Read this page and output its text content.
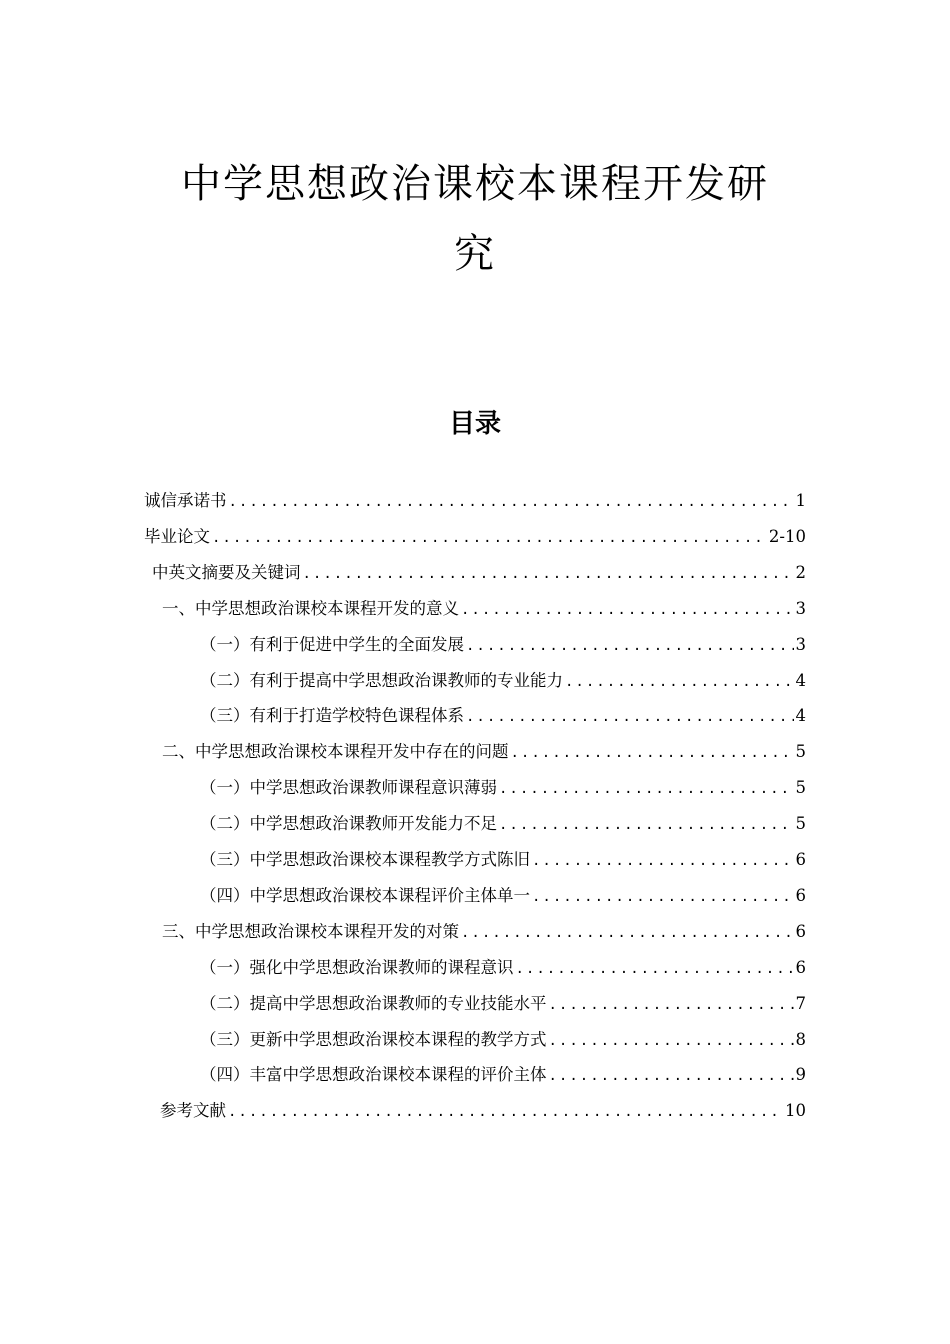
中学思想政治课校本课程开发研
究
目录
诚信承诺书 .....	1
毕业论文 .....	2-10
中英文摘要及关键词 .....	2
一、中学思想政治课校本课程开发的意义 .....	3
（一）有利于促进中学生的全面发展 .....	3
（二）有利于提高中学思想政治课教师的专业能力 .....	4
（三）有利于打造学校特色课程体系 .....	4
二、中学思想政治课校本课程开发中存在的问题 .....	5
（一）中学思想政治课教师课程意识薄弱 .....	5
（二）中学思想政治课教师开发能力不足 .....	5
（三）中学思想政治课校本课程教学方式陈旧 .....	6
（四）中学思想政治课校本课程评价主体单一 .....	6
三、中学思想政治课校本课程开发的对策 .....	6
（一）强化中学思想政治课教师的课程意识 .....	6
（二）提高中学思想政治课教师的专业技能水平 .....	7
（三）更新中学思想政治课校本课程的教学方式 .....	8
（四）丰富中学思想政治课校本课程的评价主体 .....	9
参考文献 .....	10
